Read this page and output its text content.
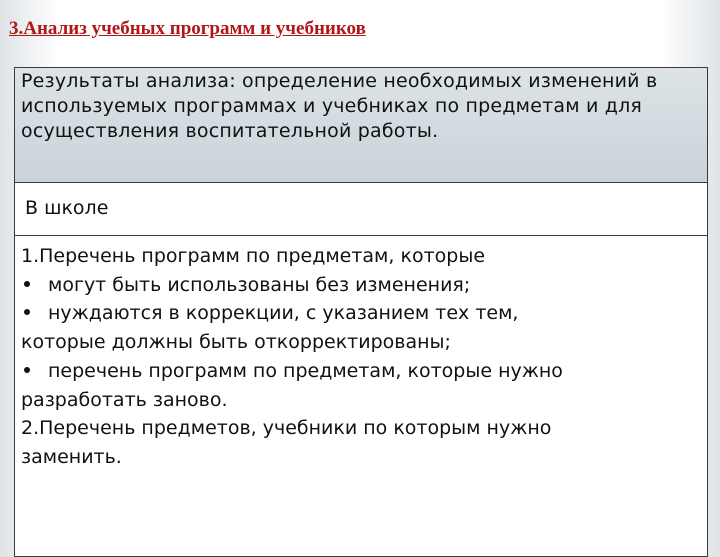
3.Анализ учебных программ и учебников

Результаты анализа: определение необходимых изменений в используемых программах и учебниках по предметам и для осуществления воспитательной работы.

В школе
1.Перечень программ по предметам, которые
могут быть использованы без изменения;
нуждаются в коррекции, с указанием тех тем,
которые должны быть откорректированы;
перечень программ по предметам, которые нужно
разработать заново.
2.Перечень предметов, учебники по которым нужно
заменить.
